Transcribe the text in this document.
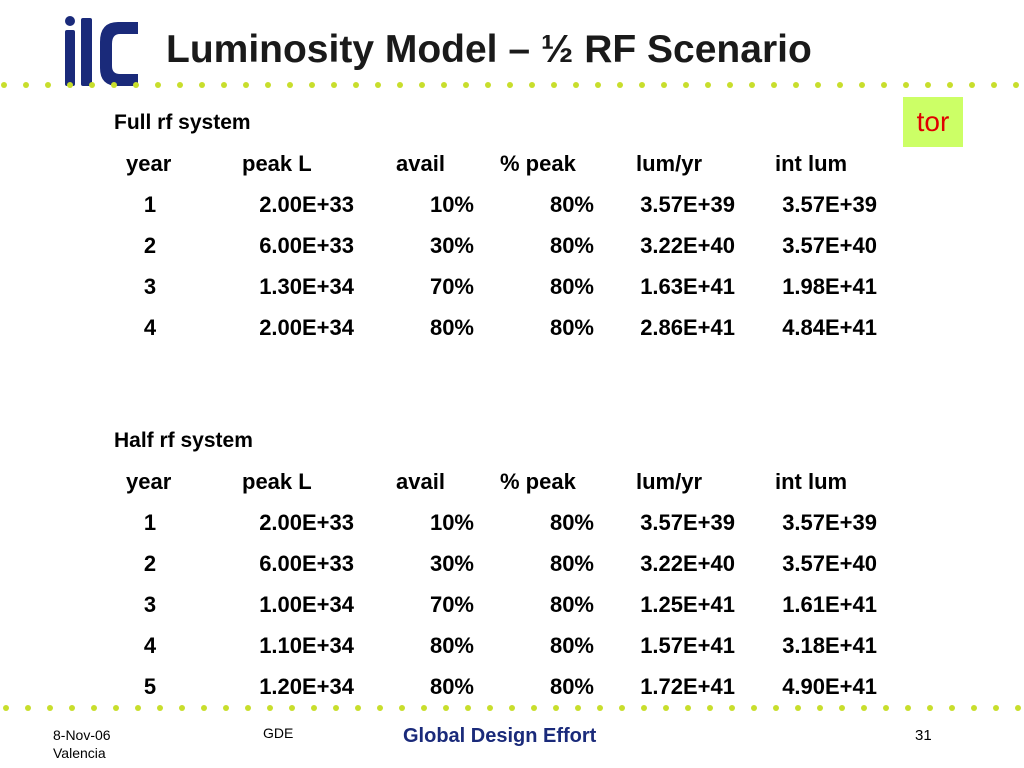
Luminosity Model – ½ RF Scenario
tor
Full rf system
year	peak L	avail	% peak	lum/yr	int lum
1	2.00E+33	10%	80%	3.57E+39	3.57E+39
2	6.00E+33	30%	80%	3.22E+40	3.57E+40
3	1.30E+34	70%	80%	1.63E+41	1.98E+41
4	2.00E+34	80%	80%	2.86E+41	4.84E+41
Half rf system
year	peak L	avail	% peak	lum/yr	int lum
1	2.00E+33	10%	80%	3.57E+39	3.57E+39
2	6.00E+33	30%	80%	3.22E+40	3.57E+40
3	1.00E+34	70%	80%	1.25E+41	1.61E+41
4	1.10E+34	80%	80%	1.57E+41	3.18E+41
5	1.20E+34	80%	80%	1.72E+41	4.90E+41
8-Nov-06
Valencia
GDE	Global Design Effort	31
